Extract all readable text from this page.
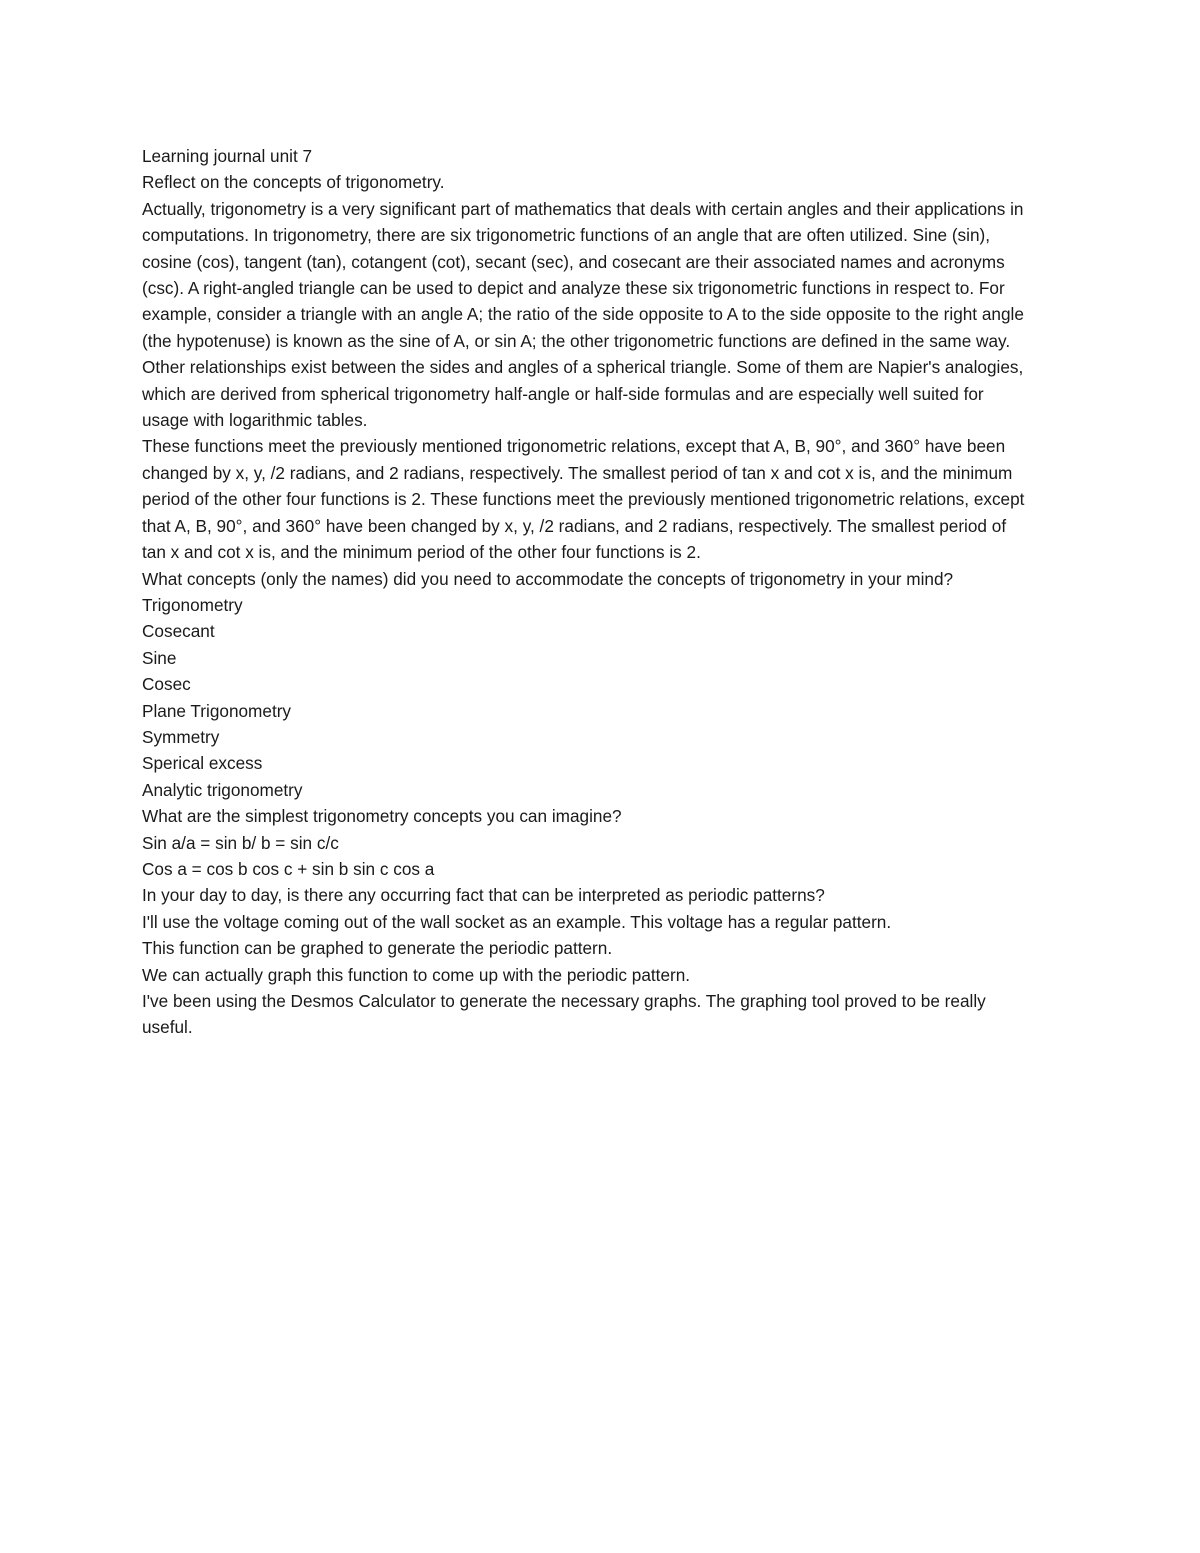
Learning journal unit 7

Reflect on the concepts of trigonometry.

Actually, trigonometry is a very significant part of mathematics that deals with certain angles and their applications in computations. In trigonometry, there are six trigonometric functions of an angle that are often utilized. Sine (sin), cosine (cos), tangent (tan), cotangent (cot), secant (sec), and cosecant are their associated names and acronyms (csc). A right-angled triangle can be used to depict and analyze these six trigonometric functions in respect to. For example, consider a triangle with an angle A; the ratio of the side opposite to A to the side opposite to the right angle (the hypotenuse) is known as the sine of A, or sin A; the other trigonometric functions are defined in the same way.

Other relationships exist between the sides and angles of a spherical triangle. Some of them are Napier's analogies, which are derived from spherical trigonometry half-angle or half-side formulas and are especially well suited for usage with logarithmic tables.

These functions meet the previously mentioned trigonometric relations, except that A, B, 90°, and 360° have been changed by x, y, /2 radians, and 2 radians, respectively. The smallest period of tan x and cot x is, and the minimum period of the other four functions is 2. These functions meet the previously mentioned trigonometric relations, except that A, B, 90°, and 360° have been changed by x, y, /2 radians, and 2 radians, respectively. The smallest period of tan x and cot x is, and the minimum period of the other four functions is 2.

What concepts (only the names) did you need to accommodate the concepts of trigonometry in your mind?

Trigonometry

Cosecant

Sine

Cosec

Plane Trigonometry

Symmetry

Sperical excess

Analytic trigonometry

What are the simplest trigonometry concepts you can imagine?

Sin a/a = sin b/ b = sin c/c

Cos a = cos b cos c + sin b sin c cos a

In your day to day, is there any occurring fact that can be interpreted as periodic patterns?

I'll use the voltage coming out of the wall socket as an example. This voltage has a regular pattern.

This function can be graphed to generate the periodic pattern.

We can actually graph this function to come up with the periodic pattern.

I've been using the Desmos Calculator to generate the necessary graphs. The graphing tool proved to be really useful.
